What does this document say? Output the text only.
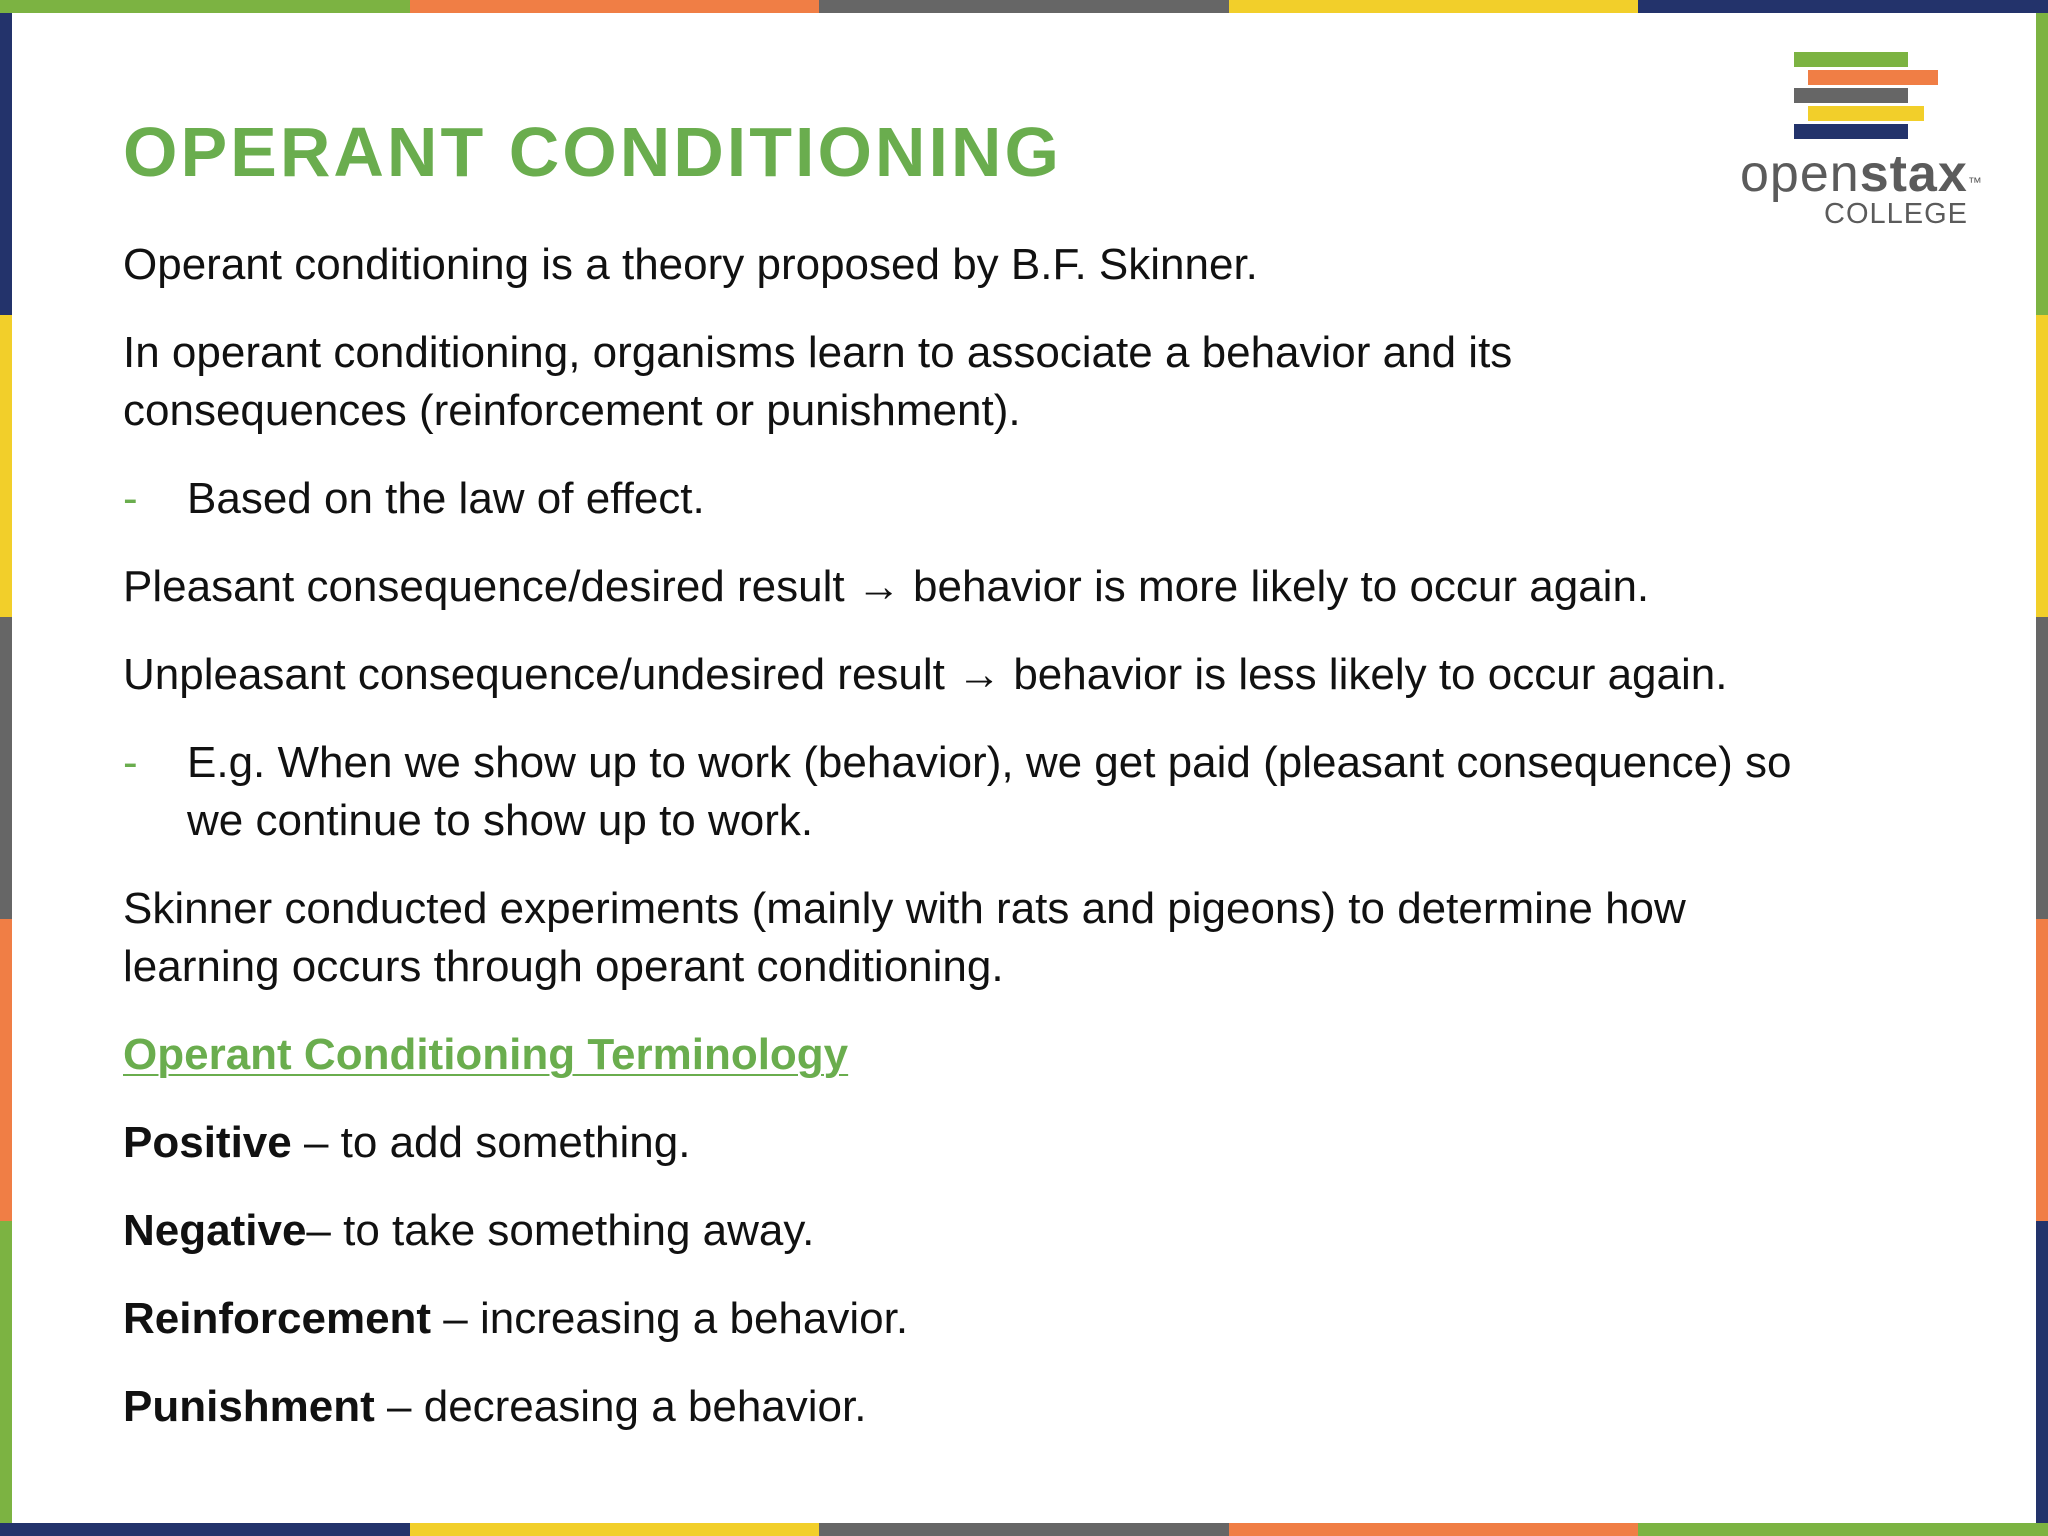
OPERANT CONDITIONING	openstax™
COLLEGE

Operant conditioning is a theory proposed by B.F. Skinner.

In operant conditioning, organisms learn to associate a behavior and its

consequences (reinforcement or punishment).

- Based on the law of effect.

Pleasant consequence/desired result → behavior is more likely to occur again.

Unpleasant consequence/undesired result → behavior is less likely to occur again.

- E.g. When we show up to work (behavior), we get paid (pleasant consequence) so

we continue to show up to work.

Skinner conducted experiments (mainly with rats and pigeons) to determine how

learning occurs through operant conditioning.

Operant Conditioning Terminology

Positive – to add something.

Negative– to take something away.

Reinforcement – increasing a behavior.

Punishment – decreasing a behavior.
